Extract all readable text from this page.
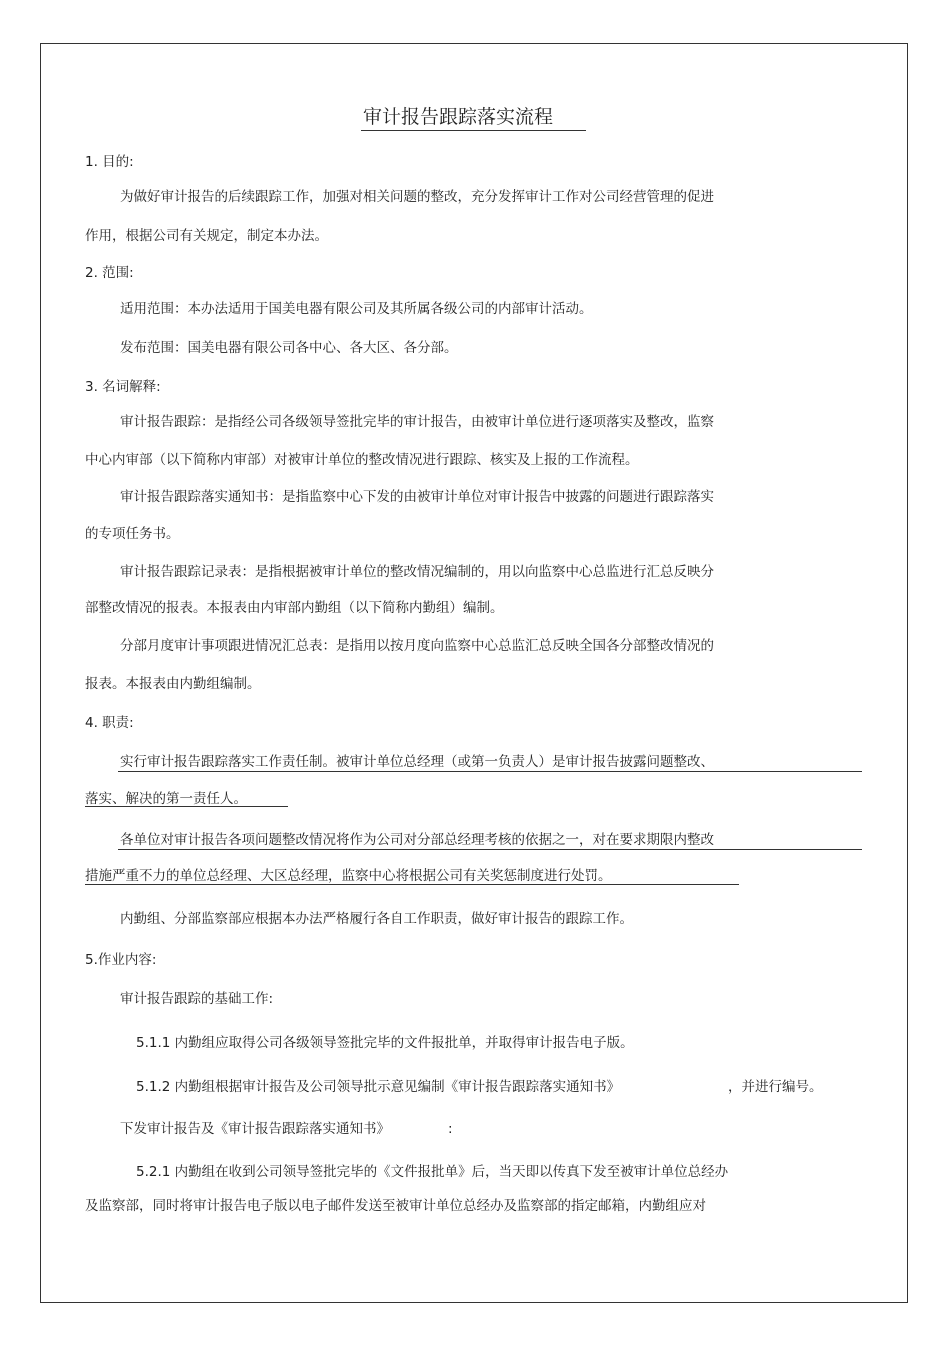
审计报告跟踪落实流程
1. 目的:
为做好审计报告的后续跟踪工作，加强对相关问题的整改，充分发挥审计工作对公司经营管理的促进
作用，根据公司有关规定，制定本办法。
2. 范围:
适用范围：本办法适用于国美电器有限公司及其所属各级公司的内部审计活动。
发布范围：国美电器有限公司各中心、各大区、各分部。
3. 名词解释:
审计报告跟踪：是指经公司各级领导签批完毕的审计报告，由被审计单位进行逐项落实及整改，监察
中心内审部（以下简称内审部）对被审计单位的整改情况进行跟踪、核实及上报的工作流程。
审计报告跟踪落实通知书：是指监察中心下发的由被审计单位对审计报告中披露的问题进行跟踪落实
的专项任务书。
审计报告跟踪记录表：是指根据被审计单位的整改情况编制的，用以向监察中心总监进行汇总反映分
部整改情况的报表。本报表由内审部内勤组（以下简称内勤组）编制。
分部月度审计事项跟进情况汇总表：是指用以按月度向监察中心总监汇总反映全国各分部整改情况的
报表。本报表由内勤组编制。
4. 职责:
实行审计报告跟踪落实工作责任制。被审计单位总经理（或第一负责人）是审计报告披露问题整改、
落实、解决的第一责任人。
各单位对审计报告各项问题整改情况将作为公司对分部总经理考核的依据之一，对在要求期限内整改
措施严重不力的单位总经理、大区总经理，监察中心将根据公司有关奖惩制度进行处罚。
内勤组、分部监察部应根据本办法严格履行各自工作职责，做好审计报告的跟踪工作。
5.作业内容:
审计报告跟踪的基础工作:
5.1.1 内勤组应取得公司各级领导签批完毕的文件报批单，并取得审计报告电子版。
5.1.2 内勤组根据审计报告及公司领导批示意见编制《审计报告跟踪落实通知书》	，并进行编号。
下发审计报告及《审计报告跟踪落实通知书》	:
5.2.1 内勤组在收到公司领导签批完毕的《文件报批单》后，当天即以传真下发至被审计单位总经办
及监察部，同时将审计报告电子版以电子邮件发送至被审计单位总经办及监察部的指定邮箱，内勤组应对
